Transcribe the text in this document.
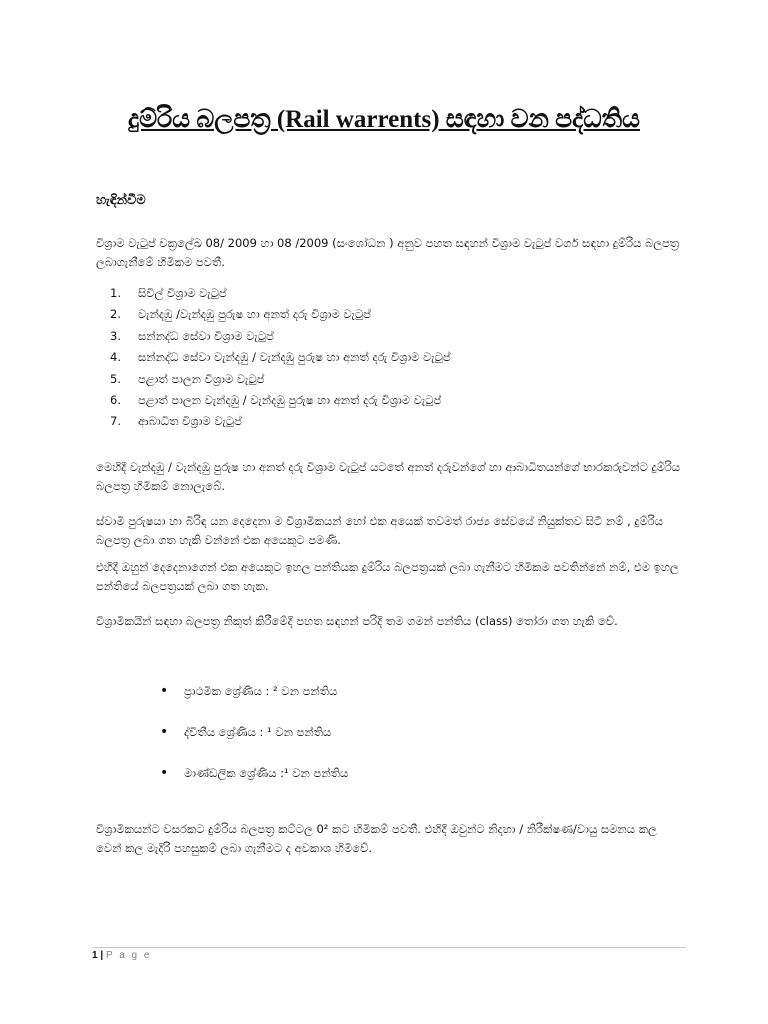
දුම්රිය බලපත්‍ර (Rail warrents) සඳහා වන පද්ධතිය
හැඳින්වීම

විශ්‍රාම වැටුප් චක්‍රලේඛ 08/ 2009 හා 08 /2009 (සංශෝධන ) අනුව පහත සඳහන් විශ්‍රාම වැටුප් වර්ග සඳහා දුම්රිය බලපත්‍ර ලබාගැනීමේ හිමිකම පවතී.

1.	සිවිල් විශ්‍රාම වැටුප්
2.	වැන්දඹු /වැන්දඹු පුරුෂ හා අනත් දරු විශ්‍රාම වැටුප්
3.	සන්නද්ධ සේවා විශ්‍රාම වැටුප්
4.	සන්නද්ධ සේවා වැන්දඹු / වැන්දඹු පුරුෂ හා අනත් දරු විශ්‍රාම වැටුප්
5.	පළාත් පාලන විශ්‍රාම වැටුප්
6.	පළාත් පාලන වැන්දඹු / වැන්දඹු පුරුෂ හා අනත් දරු විශ්‍රාම වැටුප්
7.	ආබාධිත විශ්‍රාම වැටුප්

මෙහිදී වැන්දඹු / වැන්දඹු පුරුෂ හා අනත් දරු විශ්‍රාම වැටුප් යටතේ අනත් දරුවන්ගේ හා ආබාධිතයන්ගේ භාරකරුවන්ට දුම්රිය බලපත්‍ර හිමිකම් නොලැබේ.

ස්වාමි පුරුෂයා හා බිරිඳ යන දෙදෙනා ම විශ්‍රාමිකයන් හෝ එක අයෙක් තවමත් රාජ්‍ය සේවයේ නියුක්තව සිටී නම් , දුම්රිය බලපත්‍ර ලබා ගත හැකි වන්නේ එක අයෙකුට පමණි.

එහිදී ඔහුන් දෙදෙනාගෙන් එක අයෙකුට ඉහල පන්තියක දුම්රිය බලපත්‍රයක් ලබා ගැනීමට හිමිකම පවතින්නේ නම්, එම ඉහල පන්තියේ බලපත්‍රයක් ලබා ගත හැක.

විශ්‍රාමිකයින් සඳහා බලපත්‍ර නිකුත් කිරීමේදී පහත සඳහන් පරිදි තම ගමන් පන්තිය (class) තෝරා ගත හැකි වේ.

•	ප්‍රාථමික ශ්‍රේණිය : ² වන පන්තිය
•	ද්විතීය ශ්‍රේණිය : ¹ වන පන්තිය
•	මාණ්ඩලික ශ්‍රේණිය :¹ වන පන්තිය

විශ්‍රාමිකයන්ට වසරකට දුම්රිය බලපත්‍ර කට්ටල 0² කට හිමිකම් පවතී. එහිදී ඔවුන්ට නිදහා / නිරීක්ෂණ/වායු සමනය කල වෙන් කල මැදිරි පහසුකම් ලබා ගැනීමට ද අවකාශ හිමිවේ.

1 | P a g e
